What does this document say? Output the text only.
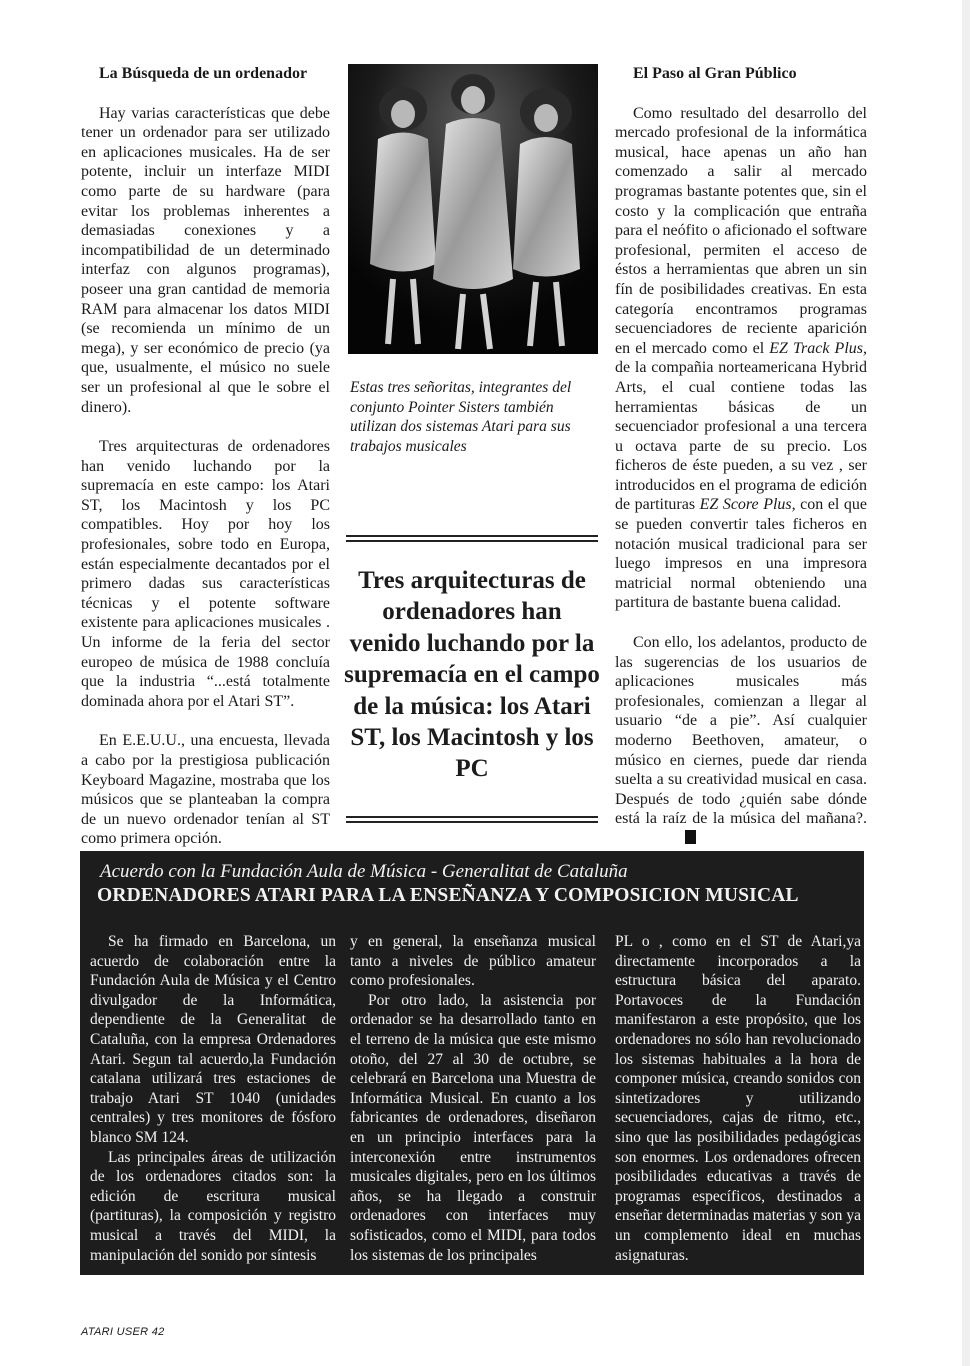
La Búsqueda de un ordenador

Hay varias características que debe tener un ordenador para ser utilizado en aplicaciones musicales. Ha de ser potente, incluir un interfaze MIDI como parte de su hardware (para evitar los problemas inherentes a demasiadas conexiones y a incompatibilidad de un determinado interfaz con algunos programas), poseer una gran cantidad de memoria RAM para almacenar los datos MIDI (se recomienda un mínimo de un mega), y ser económico de precio (ya que, usualmente, el músico no suele ser un profesional al que le sobre el dinero).

Tres arquitecturas de ordenadores han venido luchando por la supremacía en este campo: los Atari ST, los Macintosh y los PC compatibles. Hoy por hoy los profesionales, sobre todo en Europa, están especialmente decantados por el primero dadas sus características técnicas y el potente software existente para aplicaciones musicales . Un informe de la feria del sector europeo de música de 1988 concluía que la industria “...está totalmente dominada ahora por el Atari ST”.

En E.E.U.U., una encuesta, llevada a cabo por la prestigiosa publicación Keyboard Magazine, mostraba que los músicos que se planteaban la compra de un nuevo ordenador tenían al ST como primera opción.

Estas tres señoritas, integrantes del conjunto Pointer Sisters también utilizan dos sistemas Atari para sus trabajos musicales
Tres arquitecturas de ordenadores han venido luchando por la supremacía en el campo de la música: los Atari ST, los Macintosh y los PC
El Paso al Gran Público

Como resultado del desarrollo del mercado profesional de la informática musical, hace apenas un año han comenzado a salir al mercado programas bastante potentes que, sin el costo y la complicación que entraña para el neófito o aficionado el software profesional, permiten el acceso de éstos a herramientas que abren un sin fín de posibilidades creativas. En esta categoría encontramos programas secuenciadores de reciente aparición en el mercado como el EZ Track Plus, de la compañia norteamericana Hybrid Arts, el cual contiene todas las herramientas básicas de un secuenciador profesional a una tercera u octava parte de su precio. Los ficheros de éste pueden, a su vez , ser introducidos en el programa de edición de partituras EZ Score Plus, con el que se pueden convertir tales ficheros en notación musical tradicional para ser luego impresos en una impresora matricial normal obteniendo una partitura de bastante buena calidad.

Con ello, los adelantos, producto de las sugerencias de los usuarios de aplicaciones musicales más profesionales, comienzan a llegar al usuario “de a pie”. Así cualquier moderno Beethoven, amateur, o músico en ciernes, puede dar rienda suelta a su creatividad musical en casa. Después de todo ¿quién sabe dónde está la raíz de la música del mañana?.

Acuerdo con la Fundación Aula de Música - Generalitat de Cataluña
ORDENADORES ATARI PARA LA ENSEÑANZA Y COMPOSICION MUSICAL

Se ha firmado en Barcelona, un acuerdo de colaboración entre la Fundación Aula de Música y el Centro divulgador de la Informática, dependiente de la Generalitat de Cataluña, con la empresa Ordenadores Atari. Segun tal acuerdo,la Fundación catalana utilizará tres estaciones de trabajo Atari ST 1040 (unidades centrales) y tres monitores de fósforo blanco SM 124.

Las principales áreas de utilización de los ordenadores citados son: la edición de escritura musical (partituras), la composición y registro musical a través del MIDI, la manipulación del sonido por síntesis

y en general, la enseñanza musical tanto a niveles de público amateur como profesionales.

Por otro lado, la asistencia por ordenador se ha desarrollado tanto en el terreno de la música que este mismo otoño, del 27 al 30 de octubre, se celebrará en Barcelona una Muestra de Informática Musical. En cuanto a los fabricantes de ordenadores, diseñaron en un principio interfaces para la interconexión entre instrumentos musicales digitales, pero en los últimos años, se ha llegado a construir ordenadores con interfaces muy sofisticados, como el MIDI, para todos los sistemas de los principales

PL o , como en el ST de Atari,ya directamente incorporados a la estructura básica del aparato. Portavoces de la Fundación manifestaron a este propósito, que los ordenadores no sólo han revolucionado los sistemas habituales a la hora de componer música, creando sonidos con sintetizadores y utilizando secuenciadores, cajas de ritmo, etc., sino que las posibilidades pedagógicas son enormes. Los ordenadores ofrecen posibilidades educativas a través de programas específicos, destinados a enseñar determinadas materias y son ya un complemento ideal en muchas asignaturas.

ATARI USER 42
